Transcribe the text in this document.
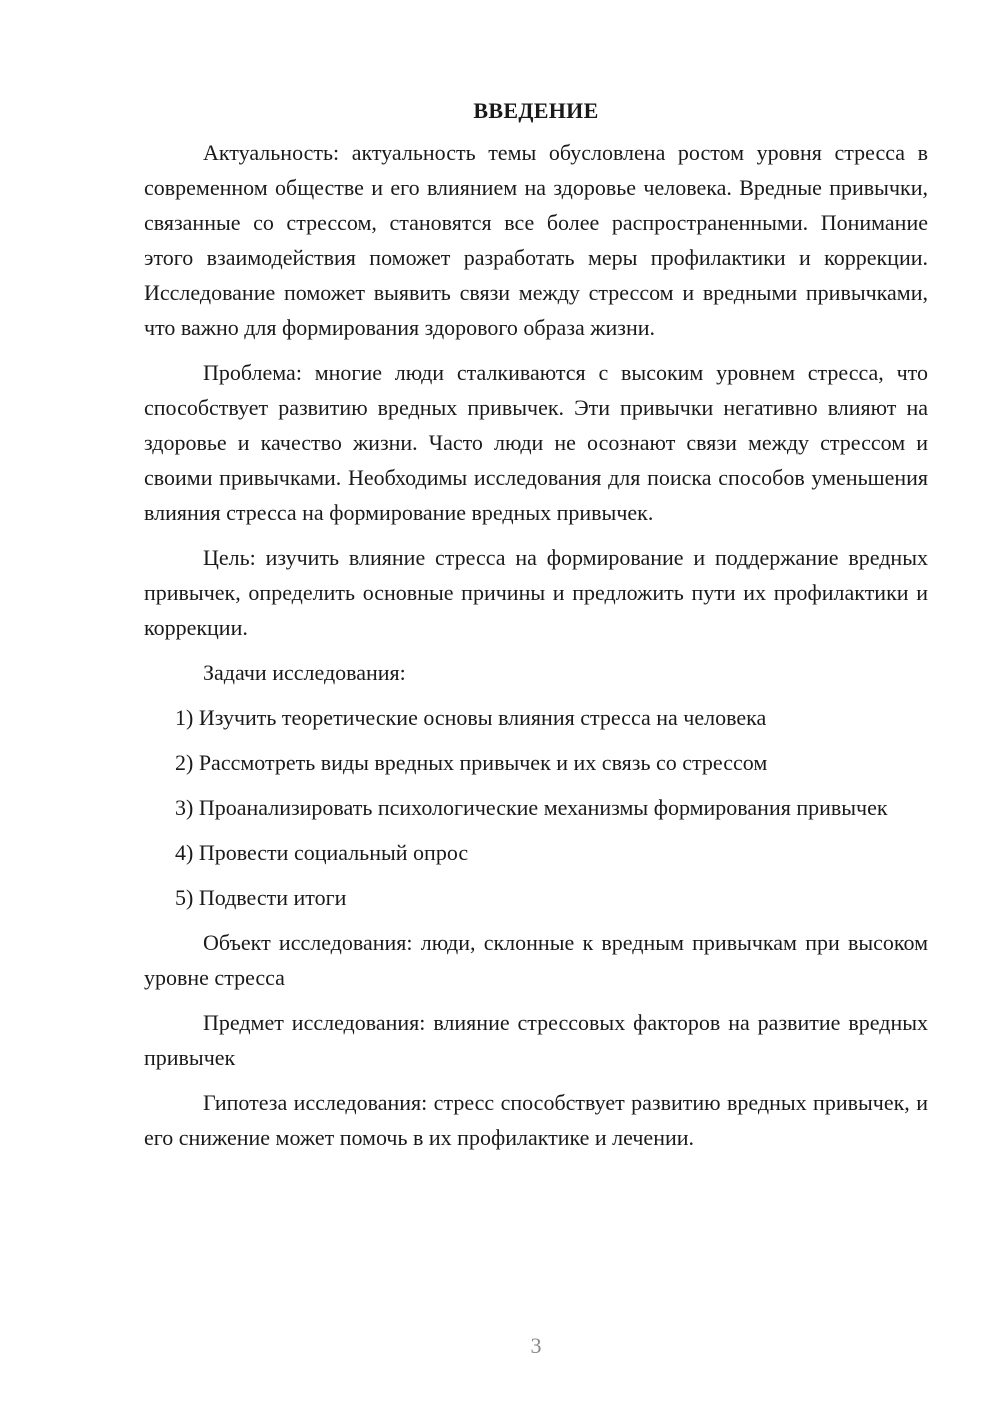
ВВЕДЕНИЕ

Актуальность: актуальность темы обусловлена ростом уровня стресса в современном обществе и его влиянием на здоровье человека. Вредные привычки, связанные со стрессом, становятся все более распространенными. Понимание этого взаимодействия поможет разработать меры профилактики и коррекции. Исследование поможет выявить связи между стрессом и вредными привычками, что важно для формирования здорового образа жизни.

Проблема: многие люди сталкиваются с высоким уровнем стресса, что способствует развитию вредных привычек. Эти привычки негативно влияют на здоровье и качество жизни. Часто люди не осознают связи между стрессом и своими привычками. Необходимы исследования для поиска способов уменьшения влияния стресса на формирование вредных привычек.

Цель: изучить влияние стресса на формирование и поддержание вредных привычек, определить основные причины и предложить пути их профилактики и коррекции.

Задачи исследования:

1) Изучить теоретические основы влияния стресса на человека

2) Рассмотреть виды вредных привычек и их связь со стрессом

3) Проанализировать психологические механизмы формирования привычек

4) Провести социальный опрос

5) Подвести итоги

Объект исследования: люди, склонные к вредным привычкам при высоком уровне стресса

Предмет исследования: влияние стрессовых факторов на развитие вредных привычек

Гипотеза исследования: стресс способствует развитию вредных привычек, и его снижение может помочь в их профилактике и лечении.

3
